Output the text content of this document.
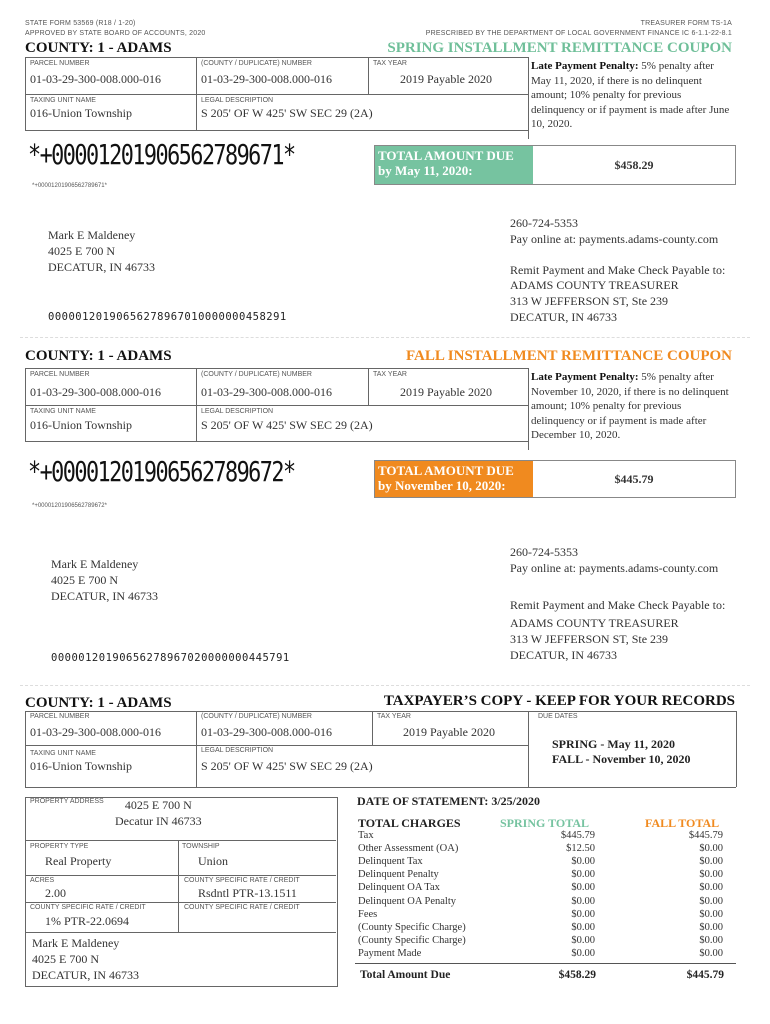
STATE FORM 53569 (R18 / 1-20)
APPROVED BY STATE BOARD OF ACCOUNTS, 2020
TREASURER FORM TS-1A
PRESCRIBED BY THE DEPARTMENT OF LOCAL GOVERNMENT FINANCE IC 6-1.1-22-8.1
COUNTY: 1 - ADAMS	SPRING INSTALLMENT REMITTANCE COUPON
PARCEL NUMBER	(COUNTY / DUPLICATE) NUMBER	TAX YEAR
01-03-29-300-008.000-016	01-03-29-300-008.000-016	2019 Payable 2020
TAXING UNIT NAME	LEGAL DESCRIPTION
016-Union Township	S 205' OF W 425' SW SEC 29 (2A)
Late Payment Penalty: 5% penalty after May 11, 2020, if there is no delinquent amount; 10% penalty for previous delinquency or if payment is made after June 10, 2020.
*+00001201906562789671*
*+00001201906562789671*
TOTAL AMOUNT DUE by May 11, 2020:	$458.29
Mark E Maldeney
4025 E 700 N
DECATUR, IN 46733
260-724-5353
Pay online at: payments.adams-county.com
Remit Payment and Make Check Payable to:
ADAMS COUNTY TREASURER
313 W JEFFERSON ST, Ste 239
DECATUR, IN 46733
000001201906562789670100000004582​91
COUNTY: 1 - ADAMS	FALL INSTALLMENT REMITTANCE COUPON
PARCEL NUMBER	(COUNTY / DUPLICATE) NUMBER	TAX YEAR
01-03-29-300-008.000-016	01-03-29-300-008.000-016	2019 Payable 2020
TAXING UNIT NAME	LEGAL DESCRIPTION
016-Union Township	S 205' OF W 425' SW SEC 29 (2A)
Late Payment Penalty: 5% penalty after November 10, 2020, if there is no delinquent amount; 10% penalty for previous delinquency or if payment is made after December 10, 2020.
*+00001201906562789672*
*+00001201906562789672*
TOTAL AMOUNT DUE by November 10, 2020:	$445.79
Mark E Maldeney
4025 E 700 N
DECATUR, IN 46733
260-724-5353
Pay online at: payments.adams-county.com
Remit Payment and Make Check Payable to:
ADAMS COUNTY TREASURER
313 W JEFFERSON ST, Ste 239
DECATUR, IN 46733
00000120190656278967020000000445791
COUNTY: 1 - ADAMS	TAXPAYER’S COPY - KEEP FOR YOUR RECORDS
PARCEL NUMBER	(COUNTY / DUPLICATE) NUMBER	TAX YEAR	DUE DATES
01-03-29-300-008.000-016	01-03-29-300-008.000-016	2019 Payable 2020
TAXING UNIT NAME	LEGAL DESCRIPTION
016-Union Township	S 205' OF W 425' SW SEC 29 (2A)
SPRING - May 11, 2020
FALL - November 10, 2020
PROPERTY ADDRESS	4025 E 700 N
Decatur IN 46733
PROPERTY TYPE	TOWNSHIP
Real Property	Union
ACRES	COUNTY SPECIFIC RATE / CREDIT
2.00	Rsdntl PTR-13.1511
COUNTY SPECIFIC RATE / CREDIT	COUNTY SPECIFIC RATE / CREDIT
1% PTR-22.0694
Mark E Maldeney
4025 E 700 N
DECATUR, IN 46733
DATE OF STATEMENT: 3/25/2020
TOTAL CHARGES	SPRING TOTAL	FALL TOTAL
Tax	$445.79	$445.79
Other Assessment (OA)	$12.50	$0.00
Delinquent Tax	$0.00	$0.00
Delinquent Penalty	$0.00	$0.00
Delinquent OA Tax	$0.00	$0.00
Delinquent OA Penalty	$0.00	$0.00
Fees	$0.00	$0.00
(County Specific Charge)	$0.00	$0.00
(County Specific Charge)	$0.00	$0.00
Payment Made	$0.00	$0.00
Total Amount Due	$458.29	$445.79
